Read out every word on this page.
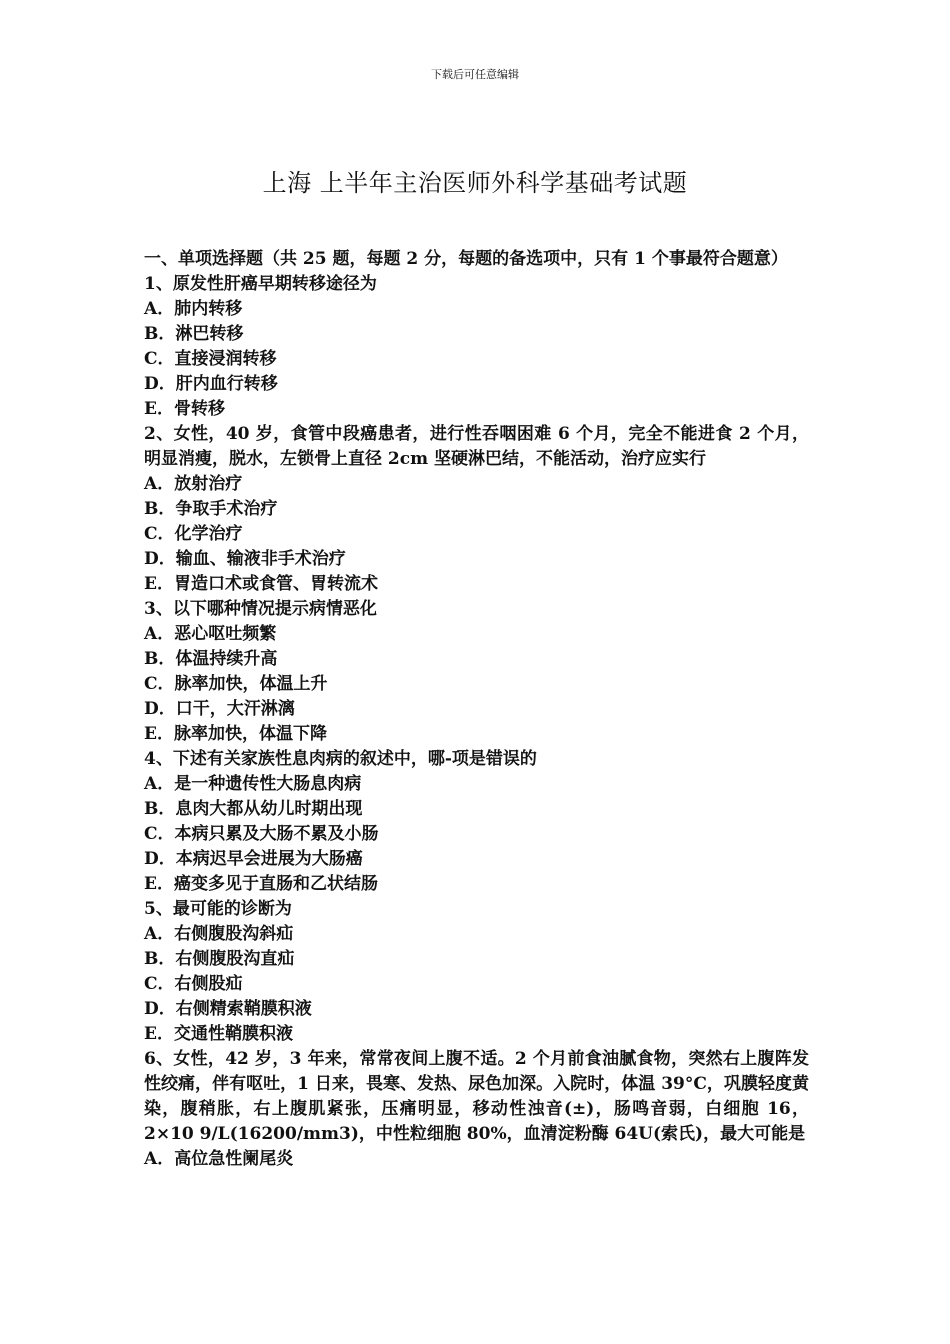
下载后可任意编辑
上海 上半年主治医师外科学基础考试题

一、单项选择题（共 25 题，每题 2 分，每题的备选项中，只有 1 个事最符合题意）

1、原发性肝癌早期转移途径为

A．肺内转移

B．淋巴转移

C．直接浸润转移

D．肝内血行转移

E．骨转移

2、女性，40 岁，食管中段癌患者，进行性吞咽困难 6 个月，完全不能进食 2 个月，明显消瘦，脱水，左锁骨上直径 2cm 坚硬淋巴结，不能活动，治疗应实行

A．放射治疗

B．争取手术治疗

C．化学治疗

D．输血、输液非手术治疗

E．胃造口术或食管、胃转流术

3、以下哪种情况提示病情恶化

A．恶心呕吐频繁

B．体温持续升高

C．脉率加快，体温上升

D．口干，大汗淋漓

E．脉率加快，体温下降

4、下述有关家族性息肉病的叙述中，哪-项是错误的

A．是一种遗传性大肠息肉病

B．息肉大都从幼儿时期出现

C．本病只累及大肠不累及小肠

D．本病迟早会进展为大肠癌

E．癌变多见于直肠和乙状结肠

5、最可能的诊断为

A．右侧腹股沟斜疝

B．右侧腹股沟直疝

C．右侧股疝

D．右侧精索鞘膜积液

E．交通性鞘膜积液

6、女性，42 岁，3 年来，常常夜间上腹不适。2 个月前食油腻食物，突然右上腹阵发性绞痛，伴有呕吐，1 日来，畏寒、发热、尿色加深。入院时，体温 39°C，巩膜轻度黄染，腹稍胀，右上腹肌紧张，压痛明显，移动性浊音(±)，肠鸣音弱，白细胞 16，2×10 9/L(16200/mm3)，中性粒细胞 80%，血清淀粉酶 64U(索氏)，最大可能是

A．高位急性阑尾炎
